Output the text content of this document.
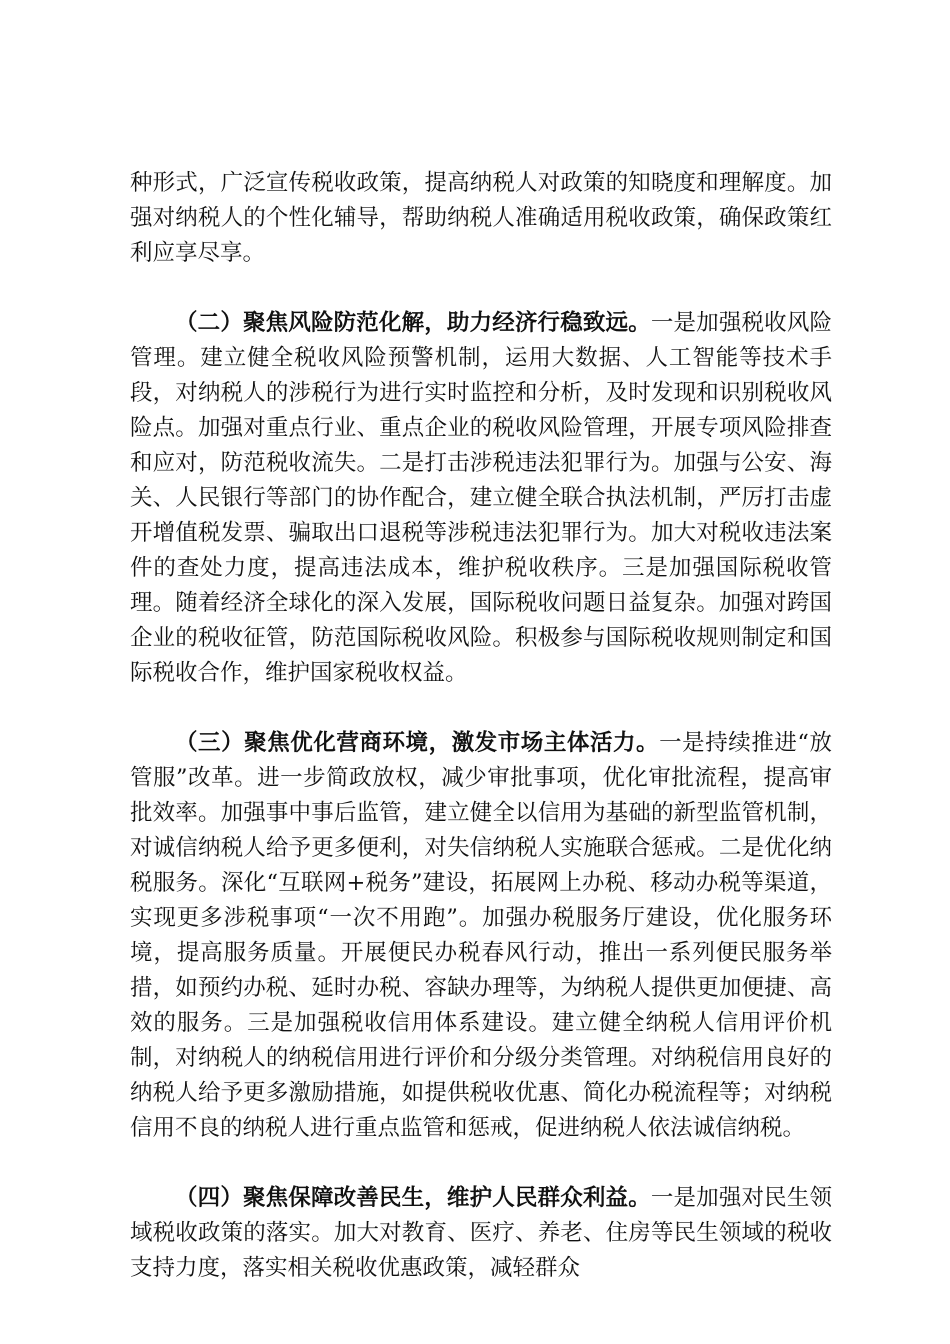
种形式，广泛宣传税收政策，提高纳税人对政策的知晓度和理解度。加强对纳税人的个性化辅导，帮助纳税人准确适用税收政策，确保政策红利应享尽享。

（二）聚焦风险防范化解，助力经济行稳致远。一是加强税收风险管理。建立健全税收风险预警机制，运用大数据、人工智能等技术手段，对纳税人的涉税行为进行实时监控和分析，及时发现和识别税收风险点。加强对重点行业、重点企业的税收风险管理，开展专项风险排查和应对，防范税收流失。二是打击涉税违法犯罪行为。加强与公安、海关、人民银行等部门的协作配合，建立健全联合执法机制，严厉打击虚开增值税发票、骗取出口退税等涉税违法犯罪行为。加大对税收违法案件的查处力度，提高违法成本，维护税收秩序。三是加强国际税收管理。随着经济全球化的深入发展，国际税收问题日益复杂。加强对跨国企业的税收征管，防范国际税收风险。积极参与国际税收规则制定和国际税收合作，维护国家税收权益。

（三）聚焦优化营商环境，激发市场主体活力。一是持续推进“放管服”改革。进一步简政放权，减少审批事项，优化审批流程，提高审批效率。加强事中事后监管，建立健全以信用为基础的新型监管机制，对诚信纳税人给予更多便利，对失信纳税人实施联合惩戒。二是优化纳税服务。深化“互联网+税务”建设，拓展网上办税、移动办税等渠道，实现更多涉税事项“一次不用跑”。加强办税服务厅建设，优化服务环境，提高服务质量。开展便民办税春风行动，推出一系列便民服务举措，如预约办税、延时办税、容缺办理等，为纳税人提供更加便捷、高效的服务。三是加强税收信用体系建设。建立健全纳税人信用评价机制，对纳税人的纳税信用进行评价和分级分类管理。对纳税信用良好的纳税人给予更多激励措施，如提供税收优惠、简化办税流程等；对纳税信用不良的纳税人进行重点监管和惩戒，促进纳税人依法诚信纳税。

（四）聚焦保障改善民生，维护人民群众利益。一是加强对民生领域税收政策的落实。加大对教育、医疗、养老、住房等民生领域的税收支持力度，落实相关税收优惠政策，减轻群众
